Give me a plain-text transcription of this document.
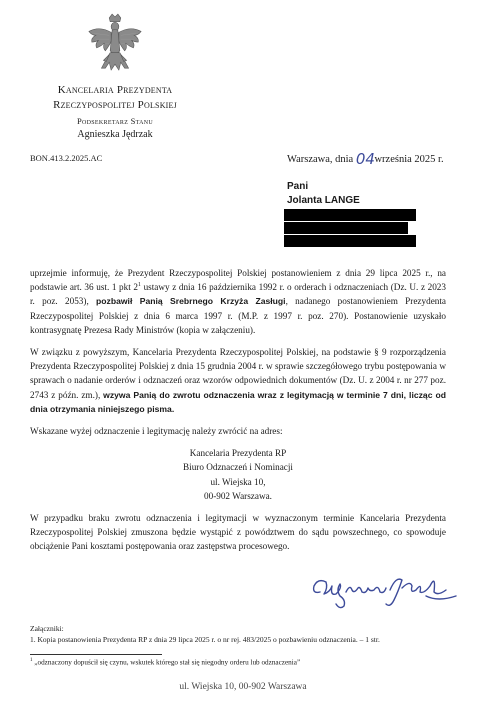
Kancelaria Prezydenta
Rzeczypospolitej Polskiej
Podsekretarz Stanu
Agnieszka Jędrzak
BON.413.2.2025.AC	Warszawa, dnia 04 września 2025 r.
Pani
Jolanta LANGE

uprzejmie informuję, że Prezydent Rzeczypospolitej Polskiej postanowieniem z dnia 29 lipca 2025 r., na podstawie art. 36 ust. 1 pkt $2^1$ ustawy z dnia 16 października 1992 r. o orderach i odznaczeniach (Dz. U. z 2023 r. poz. 2053), pozbawił Panią Srebrnego Krzyża Zasługi, nadanego postanowieniem Prezydenta Rzeczypospolitej Polskiej z dnia 6 marca 1997 r. (M.P. z 1997 r. poz. 270). Postanowienie uzyskało kontrasygnatę Prezesa Rady Ministrów (kopia w załączeniu).

W związku z powyższym, Kancelaria Prezydenta Rzeczypospolitej Polskiej, na podstawie § 9 rozporządzenia Prezydenta Rzeczypospolitej Polskiej z dnia 15 grudnia 2004 r. w sprawie szczegółowego trybu postępowania w sprawach o nadanie orderów i odznaczeń oraz wzorów odpowiednich dokumentów (Dz. U. z 2004 r. nr 277 poz. 2743 z późn. zm.), wzywa Panią do zwrotu odznaczenia wraz z legitymacją w terminie 7 dni, licząc od dnia otrzymania niniejszego pisma.

Wskazane wyżej odznaczenie i legitymację należy zwrócić na adres:

Kancelaria Prezydenta RP
Biuro Odznaczeń i Nominacji
ul. Wiejska 10,
00-902 Warszawa.

W przypadku braku zwrotu odznaczenia i legitymacji w wyznaczonym terminie Kancelaria Prezydenta Rzeczypospolitej Polskiej zmuszona będzie wystąpić z powództwem do sądu powszechnego, co spowoduje obciążenie Pani kosztami postępowania oraz zastępstwa procesowego.

Załączniki:
1. Kopia postanowienia Prezydenta RP z dnia 29 lipca 2025 r. o nr rej. 483/2025 o pozbawieniu odznaczenia. – 1 str.
$^1$ „odznaczony dopuścił się czynu, wskutek którego stał się niegodny orderu lub odznaczenia”
ul. Wiejska 10, 00-902 Warszawa
